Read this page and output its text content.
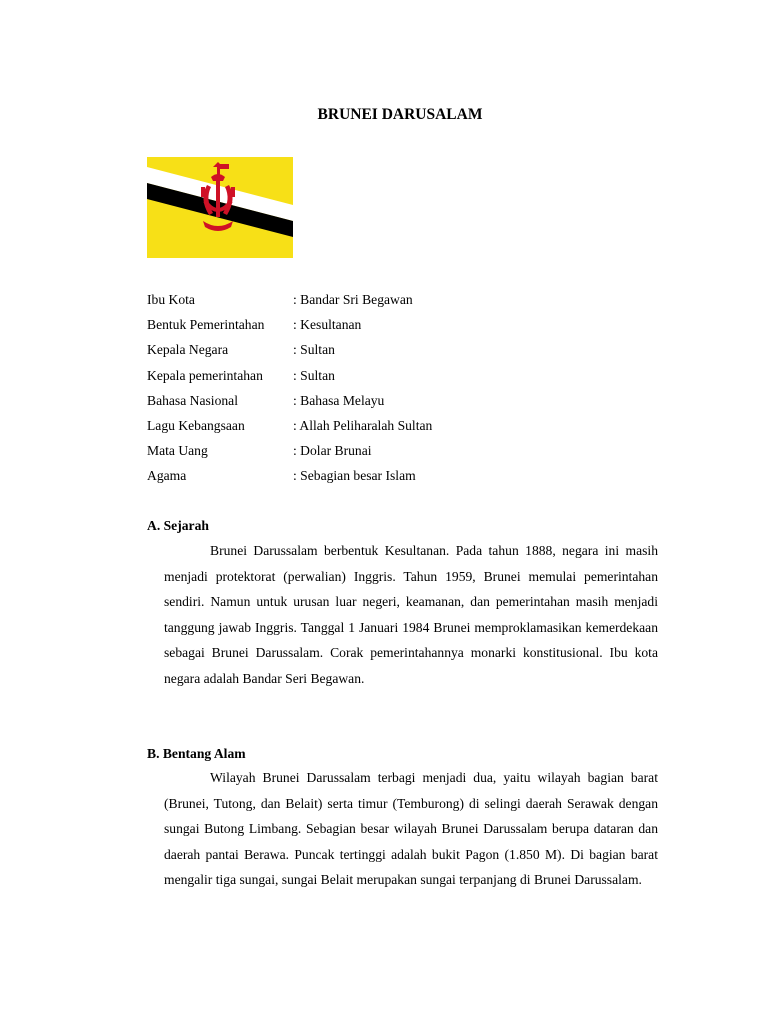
BRUNEI DARUSALAM
Ibu Kota	: Bandar Sri Begawan
Bentuk Pemerintahan : Kesultanan
Kepala Negara	: Sultan
Kepala pemerintahan : Sultan
Bahasa Nasional	: Bahasa Melayu
Lagu Kebangsaan	: Allah Peliharalah Sultan
Mata Uang	: Dolar Brunai
Agama	: Sebagian besar Islam
A. Sejarah

Brunei Darussalam berbentuk Kesultanan. Pada tahun 1888, negara ini masih menjadi protektorat (perwalian) Inggris. Tahun 1959, Brunei memulai pemerintahan sendiri. Namun untuk urusan luar negeri, keamanan, dan pemerintahan masih menjadi tanggung jawab Inggris. Tanggal 1 Januari 1984 Brunei memproklamasikan kemerdekaan sebagai Brunei Darussalam. Corak pemerintahannya monarki konstitusional. Ibu kota negara adalah Bandar Seri Begawan.

B. Bentang Alam

Wilayah Brunei Darussalam terbagi menjadi dua, yaitu wilayah bagian barat (Brunei, Tutong, dan Belait) serta timur (Temburong) di selingi daerah Serawak dengan sungai Butong Limbang. Sebagian besar wilayah Brunei Darussalam berupa dataran dan daerah pantai Berawa. Puncak tertinggi adalah bukit Pagon (1.850 M). Di bagian barat mengalir tiga sungai, sungai Belait merupakan sungai terpanjang di Brunei Darussalam.
